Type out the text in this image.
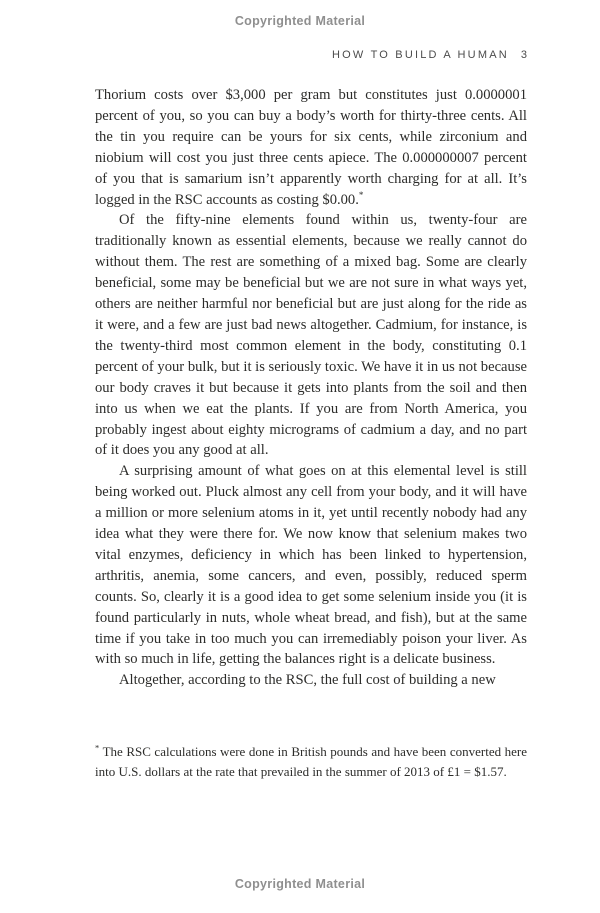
Copyrighted Material
HOW TO BUILD A HUMAN 3

Thorium costs over $3,000 per gram but constitutes just 0.0000001 percent of you, so you can buy a body’s worth for thirty-three cents. All the tin you require can be yours for six cents, while zirconium and niobium will cost you just three cents apiece. The 0.000000007 percent of you that is samarium isn’t apparently worth charging for at all. It’s logged in the RSC accounts as costing $0.00.*

Of the fifty-nine elements found within us, twenty-four are traditionally known as essential elements, because we really cannot do without them. The rest are something of a mixed bag. Some are clearly beneficial, some may be beneficial but we are not sure in what ways yet, others are neither harmful nor beneficial but are just along for the ride as it were, and a few are just bad news altogether. Cadmium, for instance, is the twenty-third most common element in the body, constituting 0.1 percent of your bulk, but it is seriously toxic. We have it in us not because our body craves it but because it gets into plants from the soil and then into us when we eat the plants. If you are from North America, you probably ingest about eighty micrograms of cadmium a day, and no part of it does you any good at all.

A surprising amount of what goes on at this elemental level is still being worked out. Pluck almost any cell from your body, and it will have a million or more selenium atoms in it, yet until recently nobody had any idea what they were there for. We now know that selenium makes two vital enzymes, deficiency in which has been linked to hypertension, arthritis, anemia, some cancers, and even, possibly, reduced sperm counts. So, clearly it is a good idea to get some selenium inside you (it is found particularly in nuts, whole wheat bread, and fish), but at the same time if you take in too much you can irremediably poison your liver. As with so much in life, getting the balances right is a delicate business.

Altogether, according to the RSC, the full cost of building a new

* The RSC calculations were done in British pounds and have been converted here into U.S. dollars at the rate that prevailed in the summer of 2013 of £1 = $1.57.

Copyrighted Material
